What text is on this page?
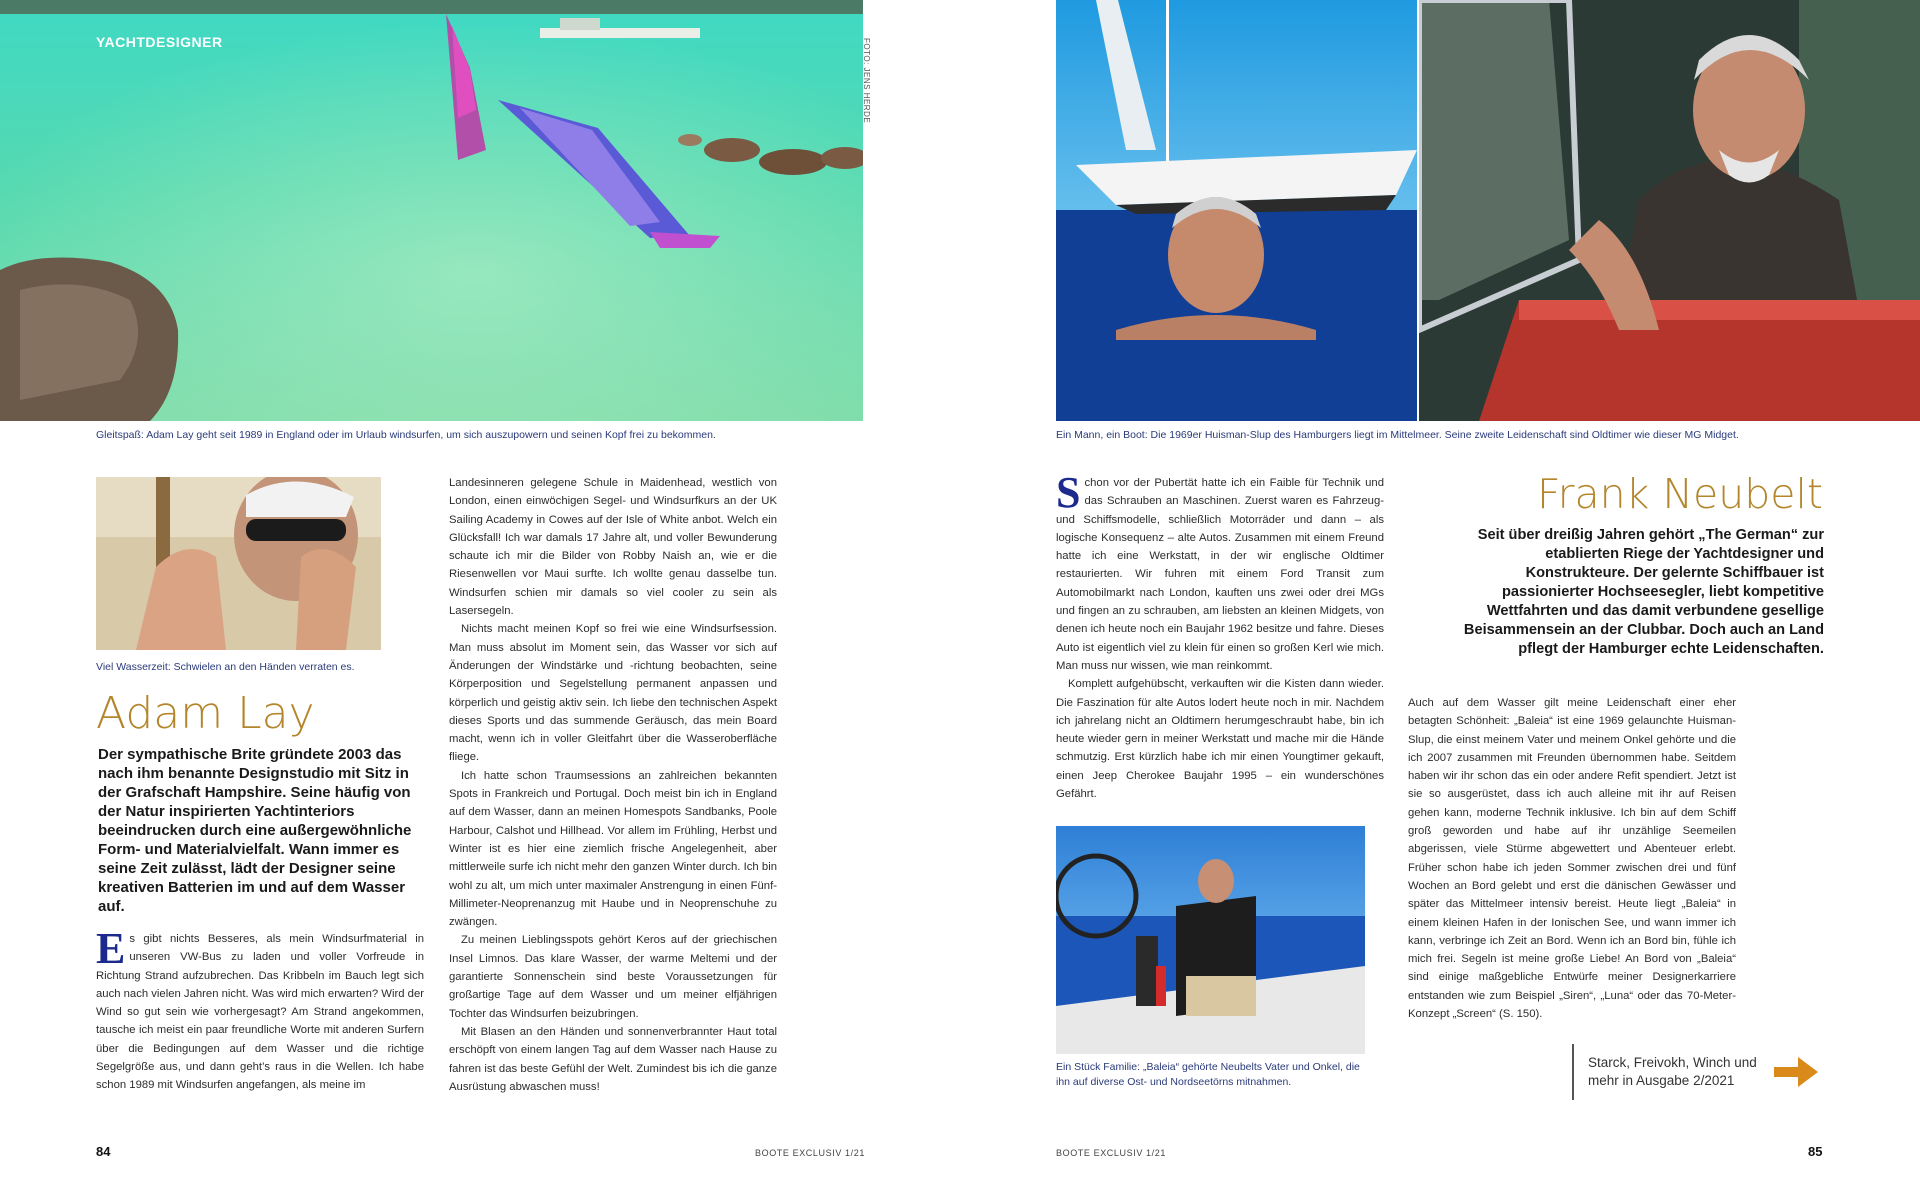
YACHTDESIGNER	FOTO: JENS HERDE
Gleitspaß: Adam Lay geht seit 1989 in England oder im Urlaub windsurfen, um sich auszupowern und seinen Kopf frei zu bekommen.
Viel Wasserzeit: Schwielen an den Händen verraten es.
Adam Lay
Der sympathische Brite gründete 2003 das nach ihm benannte Designstudio mit Sitz in der Grafschaft Hampshire. Seine häufig von der Natur inspirierten Yachtinteriors beeindrucken durch eine außergewöhnliche Form- und Materialvielfalt. Wann immer es seine Zeit zulässt, lädt der Designer seine kreativen Batterien im und auf dem Wasser auf.

Es gibt nichts Besseres, als mein Windsurfmaterial in unseren VW-Bus zu laden und voller Vorfreude in Richtung Strand aufzubrechen. Das Kribbeln im Bauch legt sich auch nach vielen Jahren nicht. Was wird mich erwarten? Wird der Wind so gut sein wie vorhergesagt? Am Strand angekommen, tausche ich meist ein paar freundliche Worte mit anderen Surfern über die Bedingungen auf dem Wasser und die richtige Segelgröße aus, und dann geht’s raus in die Wellen. Ich habe schon 1989 mit Windsurfen angefangen, als meine im

Landesinneren gelegene Schule in Maidenhead, westlich von London, einen einwöchigen Segel- und Windsurfkurs an der UK Sailing Academy in Cowes auf der Isle of White anbot. Welch ein Glücksfall! Ich war damals 17 Jahre alt, und voller Bewunderung schaute ich mir die Bilder von Robby Naish an, wie er die Riesenwellen vor Maui surfte. Ich wollte genau dasselbe tun. Windsurfen schien mir damals so viel cooler zu sein als Lasersegeln.

Nichts macht meinen Kopf so frei wie eine Windsurfsession. Man muss absolut im Moment sein, das Wasser vor sich auf Änderungen der Windstärke und -richtung beobachten, seine Körperposition und Segelstellung permanent anpassen und körperlich und geistig aktiv sein. Ich liebe den technischen Aspekt dieses Sports und das summende Geräusch, das mein Board macht, wenn ich in voller Gleitfahrt über die Wasseroberfläche fliege.

Ich hatte schon Traumsessions an zahlreichen bekannten Spots in Frankreich und Portugal. Doch meist bin ich in England auf dem Wasser, dann an meinen Homespots Sandbanks, Poole Harbour, Calshot und Hillhead. Vor allem im Frühling, Herbst und Winter ist es hier eine ziemlich frische Angelegenheit, aber mittlerweile surfe ich nicht mehr den ganzen Winter durch. Ich bin wohl zu alt, um mich unter maximaler Anstrengung in einen Fünf-Millimeter-Neoprenanzug mit Haube und in Neoprenschuhe zu zwängen.

Zu meinen Lieblingsspots gehört Keros auf der griechischen Insel Limnos. Das klare Wasser, der warme Meltemi und der garantierte Sonnenschein sind beste Voraussetzungen für großartige Tage auf dem Wasser und um meiner elfjährigen Tochter das Windsurfen beizubringen.

Mit Blasen an den Händen und sonnenverbrannter Haut total erschöpft von einem langen Tag auf dem Wasser nach Hause zu fahren ist das beste Gefühl der Welt. Zumindest bis ich die ganze Ausrüstung abwaschen muss!

84	BOOTE EXCLUSIV 1/21
Ein Mann, ein Boot: Die 1969er Huisman-Slup des Hamburgers liegt im Mittelmeer. Seine zweite Leidenschaft sind Oldtimer wie dieser MG Midget.

Schon vor der Pubertät hatte ich ein Faible für Technik und das Schrauben an Maschinen. Zuerst waren es Fahrzeug- und Schiffsmodelle, schließlich Motorräder und dann – als logische Konsequenz – alte Autos. Zusammen mit einem Freund hatte ich eine Werkstatt, in der wir englische Oldtimer restaurierten. Wir fuhren mit einem Ford Transit zum Automobilmarkt nach London, kauften uns zwei oder drei MGs und fingen an zu schrauben, am liebsten an kleinen Midgets, von denen ich heute noch ein Baujahr 1962 besitze und fahre. Dieses Auto ist eigentlich viel zu klein für einen so großen Kerl wie mich. Man muss nur wissen, wie man reinkommt.

Komplett aufgehübscht, verkauften wir die Kisten dann wieder. Die Faszination für alte Autos lodert heute noch in mir. Nachdem ich jahrelang nicht an Oldtimern herumgeschraubt habe, bin ich heute wieder gern in meiner Werkstatt und mache mir die Hände schmutzig. Erst kürzlich habe ich mir einen Youngtimer gekauft, einen Jeep Cherokee Baujahr 1995 – ein wunderschönes Gefährt.

Ein Stück Familie: „Baleia“ gehörte Neubelts Vater und Onkel, die ihn auf diverse Ost- und Nordseetörns mitnahmen.
Frank Neubelt
Seit über dreißig Jahren gehört „The German“ zur etablierten Riege der Yachtdesigner und Konstrukteure. Der gelernte Schiffbauer ist passionierter Hochseesegler, liebt kompetitive Wettfahrten und das damit verbundene gesellige Beisammensein an der Clubbar. Doch auch an Land pflegt der Hamburger echte Leidenschaften.

Auch auf dem Wasser gilt meine Leidenschaft einer eher betagten Schönheit: „Baleia“ ist eine 1969 gelaunchte Huisman-Slup, die einst meinem Vater und meinem Onkel gehörte und die ich 2007 zusammen mit Freunden übernommen habe. Seitdem haben wir ihr schon das ein oder andere Refit spendiert. Jetzt ist sie so ausgerüstet, dass ich auch alleine mit ihr auf Reisen gehen kann, moderne Technik inklusive. Ich bin auf dem Schiff groß geworden und habe auf ihr unzählige Seemeilen abgerissen, viele Stürme abgewettert und Abenteuer erlebt. Früher schon habe ich jeden Sommer zwischen drei und fünf Wochen an Bord gelebt und erst die dänischen Gewässer und später das Mittelmeer intensiv bereist. Heute liegt „Baleia“ in einem kleinen Hafen in der Ionischen See, und wann immer ich kann, verbringe ich Zeit an Bord. Wenn ich an Bord bin, fühle ich mich frei. Segeln ist meine große Liebe! An Bord von „Baleia“ sind einige maßgebliche Entwürfe meiner Designerkarriere entstanden wie zum Beispiel „Siren“, „Luna“ oder das 70-Meter-Konzept „Screen“ (S. 150).

Starck, Freivokh, Winch und mehr in Ausgabe 2/2021
BOOTE EXCLUSIV 1/21	85
